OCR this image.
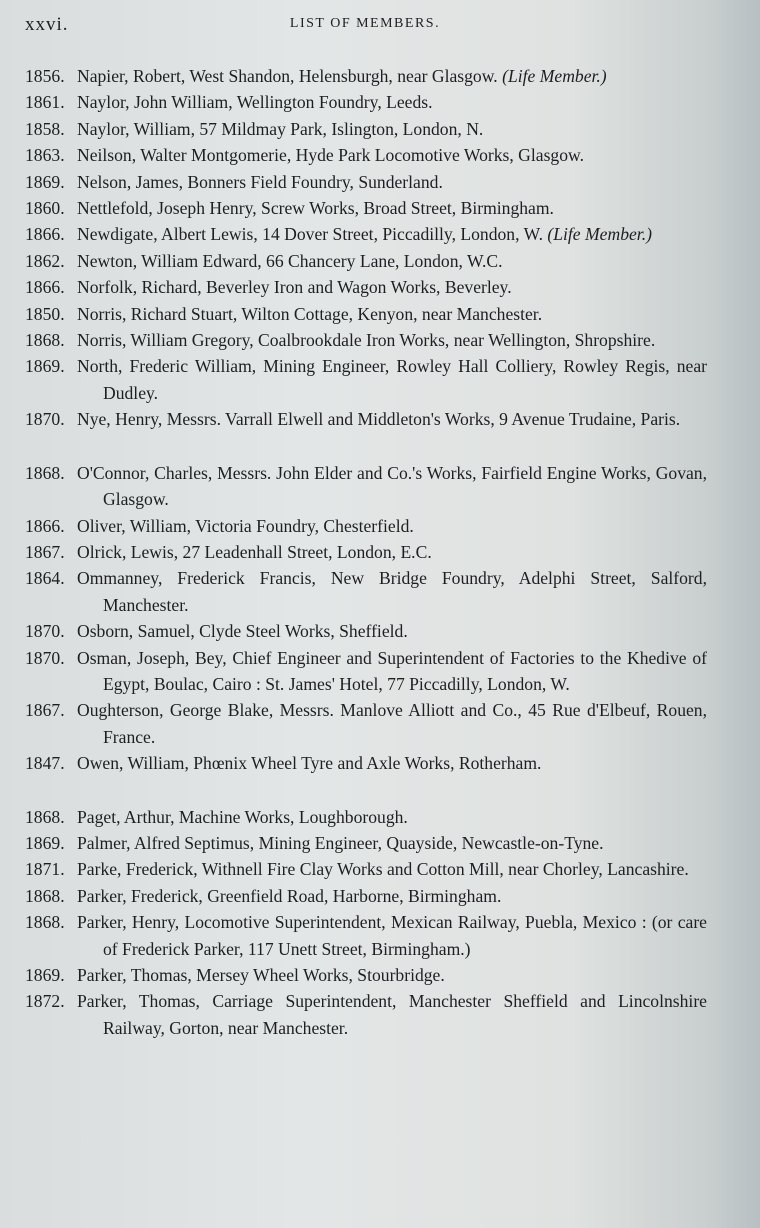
xxvi.	LIST OF MEMBERS.
1856. Napier, Robert, West Shandon, Helensburgh, near Glasgow. (Life Member.)
1861. Naylor, John William, Wellington Foundry, Leeds.
1858. Naylor, William, 57 Mildmay Park, Islington, London, N.
1863. Neilson, Walter Montgomerie, Hyde Park Locomotive Works, Glasgow.
1869. Nelson, James, Bonners Field Foundry, Sunderland.
1860. Nettlefold, Joseph Henry, Screw Works, Broad Street, Birmingham.
1866. Newdigate, Albert Lewis, 14 Dover Street, Piccadilly, London, W. (Life Member.)
1862. Newton, William Edward, 66 Chancery Lane, London, W.C.
1866. Norfolk, Richard, Beverley Iron and Wagon Works, Beverley.
1850. Norris, Richard Stuart, Wilton Cottage, Kenyon, near Manchester.
1868. Norris, William Gregory, Coalbrookdale Iron Works, near Wellington, Shropshire.
1869. North, Frederic William, Mining Engineer, Rowley Hall Colliery, Rowley Regis, near Dudley.
1870. Nye, Henry, Messrs. Varrall Elwell and Middleton's Works, 9 Avenue Trudaine, Paris.
1868. O'Connor, Charles, Messrs. John Elder and Co.'s Works, Fairfield Engine Works, Govan, Glasgow.
1866. Oliver, William, Victoria Foundry, Chesterfield.
1867. Olrick, Lewis, 27 Leadenhall Street, London, E.C.
1864. Ommanney, Frederick Francis, New Bridge Foundry, Adelphi Street, Salford, Manchester.
1870. Osborn, Samuel, Clyde Steel Works, Sheffield.
1870. Osman, Joseph, Bey, Chief Engineer and Superintendent of Factories to the Khedive of Egypt, Boulac, Cairo : St. James' Hotel, 77 Piccadilly, London, W.
1867. Oughterson, George Blake, Messrs. Manlove Alliott and Co., 45 Rue d'Elbeuf, Rouen, France.
1847. Owen, William, Phœnix Wheel Tyre and Axle Works, Rotherham.
1868. Paget, Arthur, Machine Works, Loughborough.
1869. Palmer, Alfred Septimus, Mining Engineer, Quayside, Newcastle-on-Tyne.
1871. Parke, Frederick, Withnell Fire Clay Works and Cotton Mill, near Chorley, Lancashire.
1868. Parker, Frederick, Greenfield Road, Harborne, Birmingham.
1868. Parker, Henry, Locomotive Superintendent, Mexican Railway, Puebla, Mexico : (or care of Frederick Parker, 117 Unett Street, Birmingham.)
1869. Parker, Thomas, Mersey Wheel Works, Stourbridge.
1872. Parker, Thomas, Carriage Superintendent, Manchester Sheffield and Lincolnshire Railway, Gorton, near Manchester.
